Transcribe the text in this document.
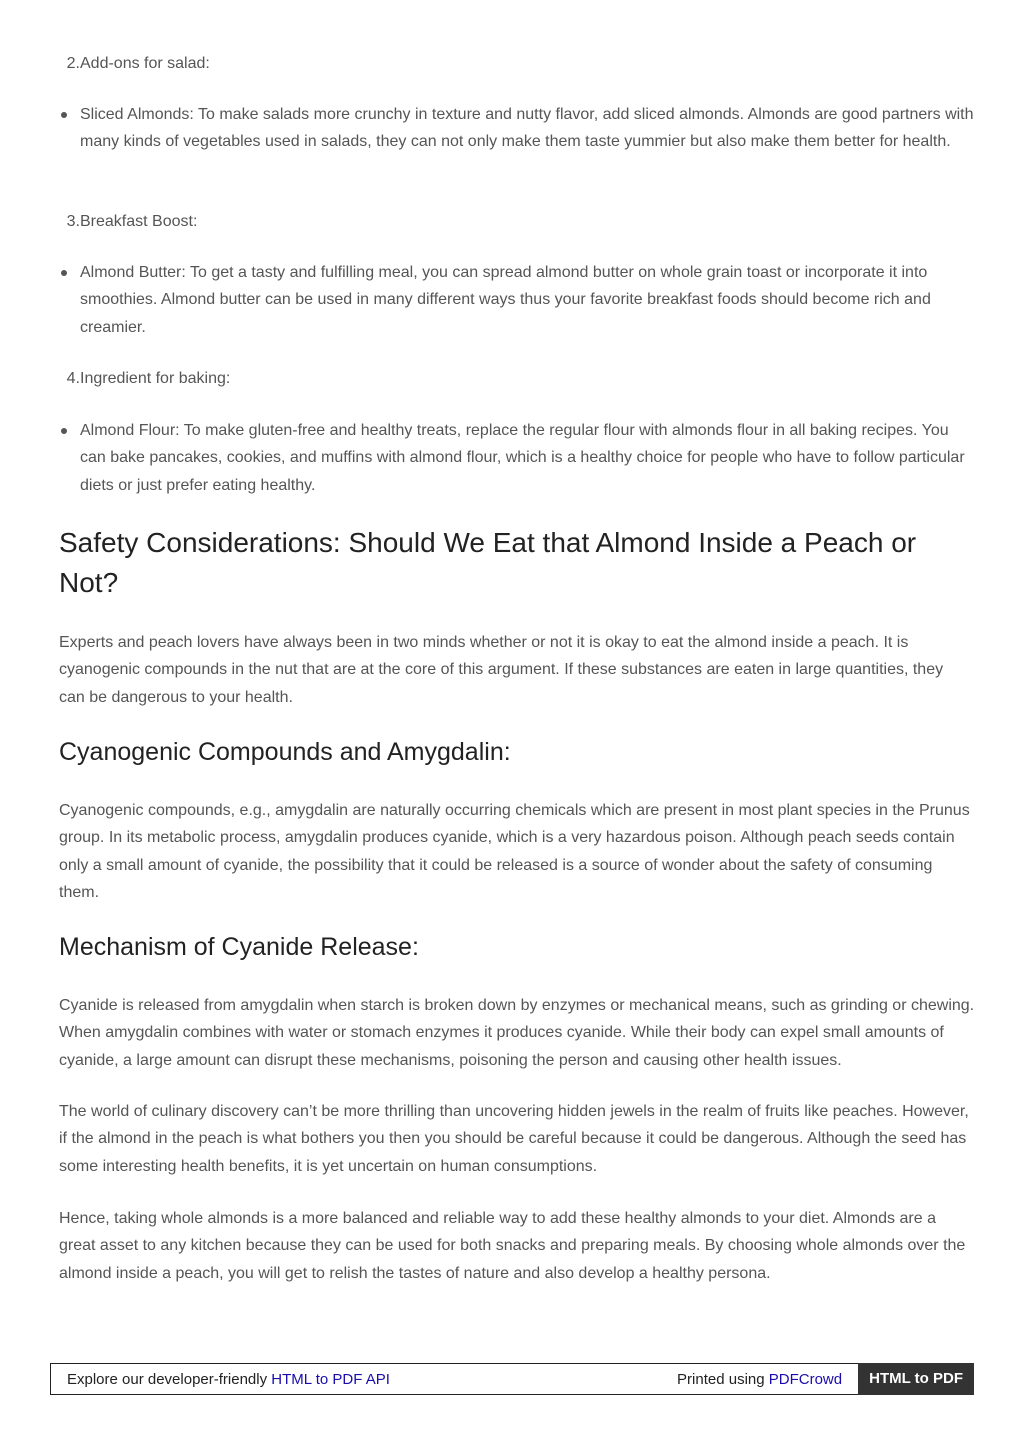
2. Add-ons for salad:
Sliced Almonds: To make salads more crunchy in texture and nutty flavor, add sliced almonds. Almonds are good partners with many kinds of vegetables used in salads, they can not only make them taste yummier but also make them better for health.
3. Breakfast Boost:
Almond Butter: To get a tasty and fulfilling meal, you can spread almond butter on whole grain toast or incorporate it into smoothies. Almond butter can be used in many different ways thus your favorite breakfast foods should become rich and creamier.
4. Ingredient for baking:
Almond Flour: To make gluten-free and healthy treats, replace the regular flour with almonds flour in all baking recipes. You can bake pancakes, cookies, and muffins with almond flour, which is a healthy choice for people who have to follow particular diets or just prefer eating healthy.
Safety Considerations: Should We Eat that Almond Inside a Peach or Not?

Experts and peach lovers have always been in two minds whether or not it is okay to eat the almond inside a peach. It is cyanogenic compounds in the nut that are at the core of this argument. If these substances are eaten in large quantities, they can be dangerous to your health.

Cyanogenic Compounds and Amygdalin:

Cyanogenic compounds, e.g., amygdalin are naturally occurring chemicals which are present in most plant species in the Prunus group. In its metabolic process, amygdalin produces cyanide, which is a very hazardous poison. Although peach seeds contain only a small amount of cyanide, the possibility that it could be released is a source of wonder about the safety of consuming them.

Mechanism of Cyanide Release:

Cyanide is released from amygdalin when starch is broken down by enzymes or mechanical means, such as grinding or chewing. When amygdalin combines with water or stomach enzymes it produces cyanide. While their body can expel small amounts of cyanide, a large amount can disrupt these mechanisms, poisoning the person and causing other health issues.

The world of culinary discovery can’t be more thrilling than uncovering hidden jewels in the realm of fruits like peaches. However, if the almond in the peach is what bothers you then you should be careful because it could be dangerous. Although the seed has some interesting health benefits, it is yet uncertain on human consumptions.

Hence, taking whole almonds is a more balanced and reliable way to add these healthy almonds to your diet. Almonds are a great asset to any kitchen because they can be used for both snacks and preparing meals. By choosing whole almonds over the almond inside a peach, you will get to relish the tastes of nature and also develop a healthy persona.

Explore our developer-friendly HTML to PDF API	Printed using PDFCrowd	HTML to PDF
